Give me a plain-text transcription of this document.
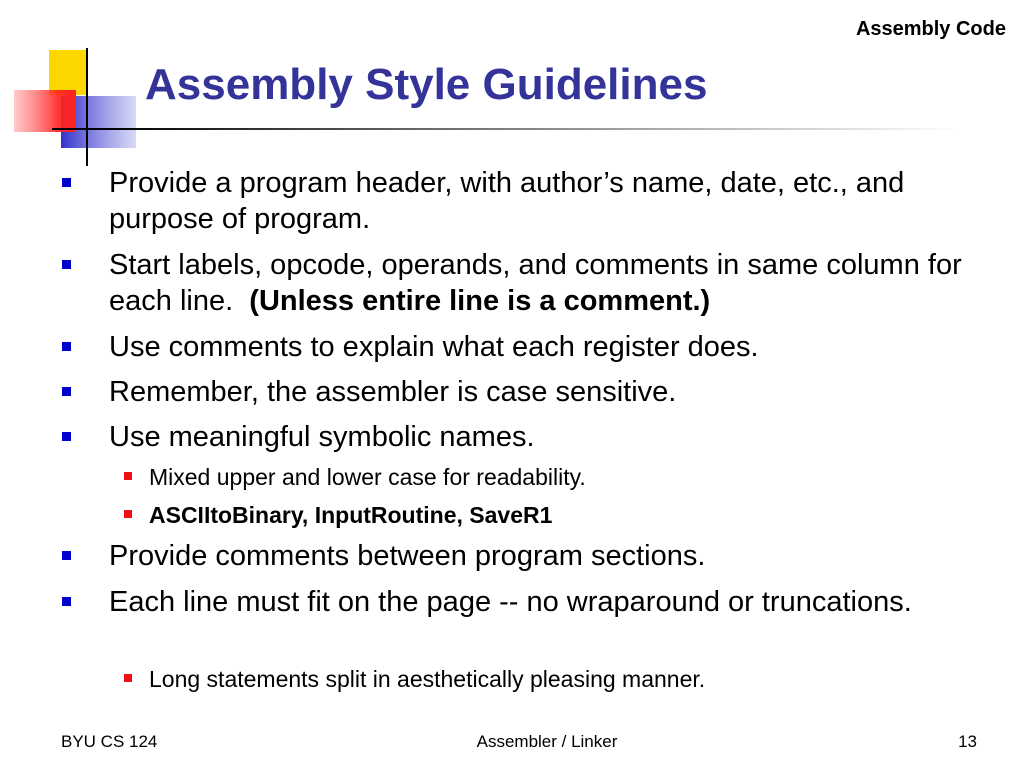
Assembly Code
Assembly Style Guidelines
Provide a program header, with author’s name, date, etc., and purpose of program.
Start labels, opcode, operands, and comments in same column for each line. (Unless entire line is a comment.)
Use comments to explain what each register does.
Remember, the assembler is case sensitive.
Use meaningful symbolic names.
Mixed upper and lower case for readability.
ASCIItoBinary, InputRoutine, SaveR1
Provide comments between program sections.
Each line must fit on the page -- no wraparound or truncations.
Long statements split in aesthetically pleasing manner.
BYU CS 124	Assembler / Linker	13
